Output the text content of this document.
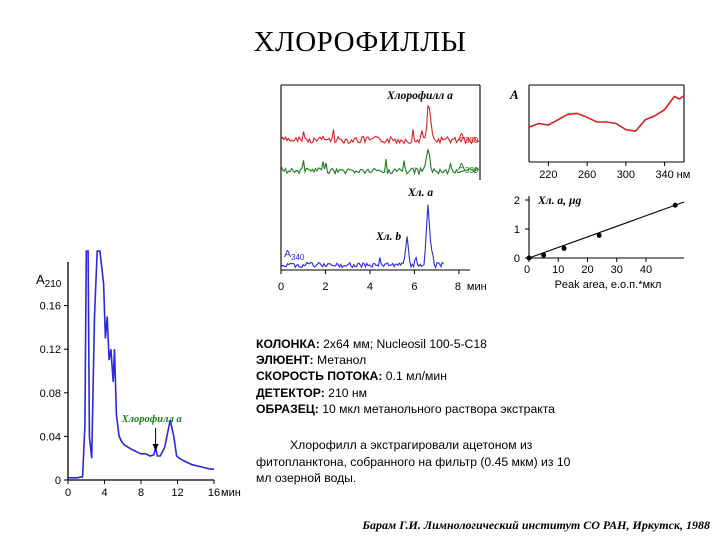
ХЛОРОФИЛЛЫ
0
0.04
0.08
0.12
0.16
0	4	8 12 16 мин
$A_{210}$
Хлорофилл а
0	2	4	6	8 мин
Хлорофилл а
$A_{380}$
$A_{339}$
$A_{340}$
Хл. a
Хл. b
220 260 300 340 нм
A
0
1
2
0 10 20 30 40
Хл. a, µg
Peak area, е.о.п.*мкл
КОЛОНКА: 2х64 мм; Nucleosil 100-5-C18
ЭЛЮЕНТ: Метанол
СКОРОСТЬ ПОТОКА: 0.1 мл/мин
ДЕТЕКТОР: 210 нм
ОБРАЗЕЦ: 10 мкл метанольного раствора экстракта
Хлорофилл а экстрагировали ацетоном из
фитопланктона, собранного на фильтр (0.45 мкм) из 10
мл озерной воды.
Барам Г.И. Лимнологический институт СО РАН, Иркутск, 1988
